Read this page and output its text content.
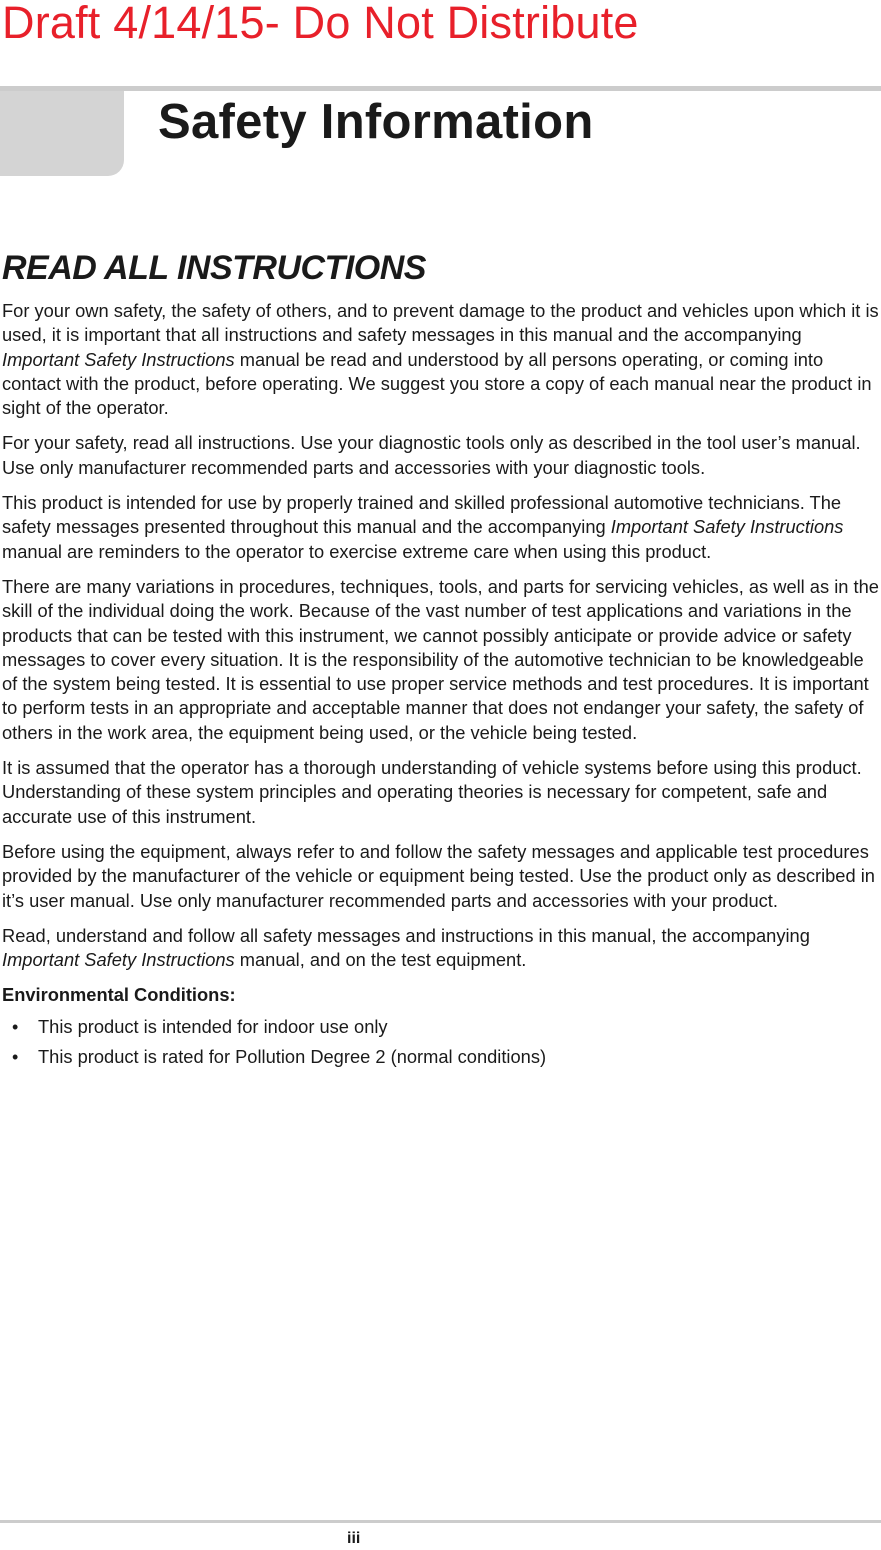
Draft 4/14/15- Do Not Distribute
Safety Information
READ ALL INSTRUCTIONS

For your own safety, the safety of others, and to prevent damage to the product and vehicles upon which it is used, it is important that all instructions and safety messages in this manual and the accompanying Important Safety Instructions manual be read and understood by all persons operating, or coming into contact with the product, before operating. We suggest you store a copy of each manual near the product in sight of the operator.

For your safety, read all instructions. Use your diagnostic tools only as described in the tool user’s manual. Use only manufacturer recommended parts and accessories with your diagnostic tools.

This product is intended for use by properly trained and skilled professional automotive technicians. The safety messages presented throughout this manual and the accompanying Important Safety Instructions manual are reminders to the operator to exercise extreme care when using this product.

There are many variations in procedures, techniques, tools, and parts for servicing vehicles, as well as in the skill of the individual doing the work. Because of the vast number of test applications and variations in the products that can be tested with this instrument, we cannot possibly anticipate or provide advice or safety messages to cover every situation. It is the responsibility of the automotive technician to be knowledgeable of the system being tested. It is essential to use proper service methods and test procedures. It is important to perform tests in an appropriate and acceptable manner that does not endanger your safety, the safety of others in the work area, the equipment being used, or the vehicle being tested.

It is assumed that the operator has a thorough understanding of vehicle systems before using this product. Understanding of these system principles and operating theories is necessary for competent, safe and accurate use of this instrument.

Before using the equipment, always refer to and follow the safety messages and applicable test procedures provided by the manufacturer of the vehicle or equipment being tested. Use the product only as described in it’s user manual. Use only manufacturer recommended parts and accessories with your product.

Read, understand and follow all safety messages and instructions in this manual, the accompanying Important Safety Instructions manual, and on the test equipment.

Environmental Conditions:
• This product is intended for indoor use only
• This product is rated for Pollution Degree 2 (normal conditions)
iii
